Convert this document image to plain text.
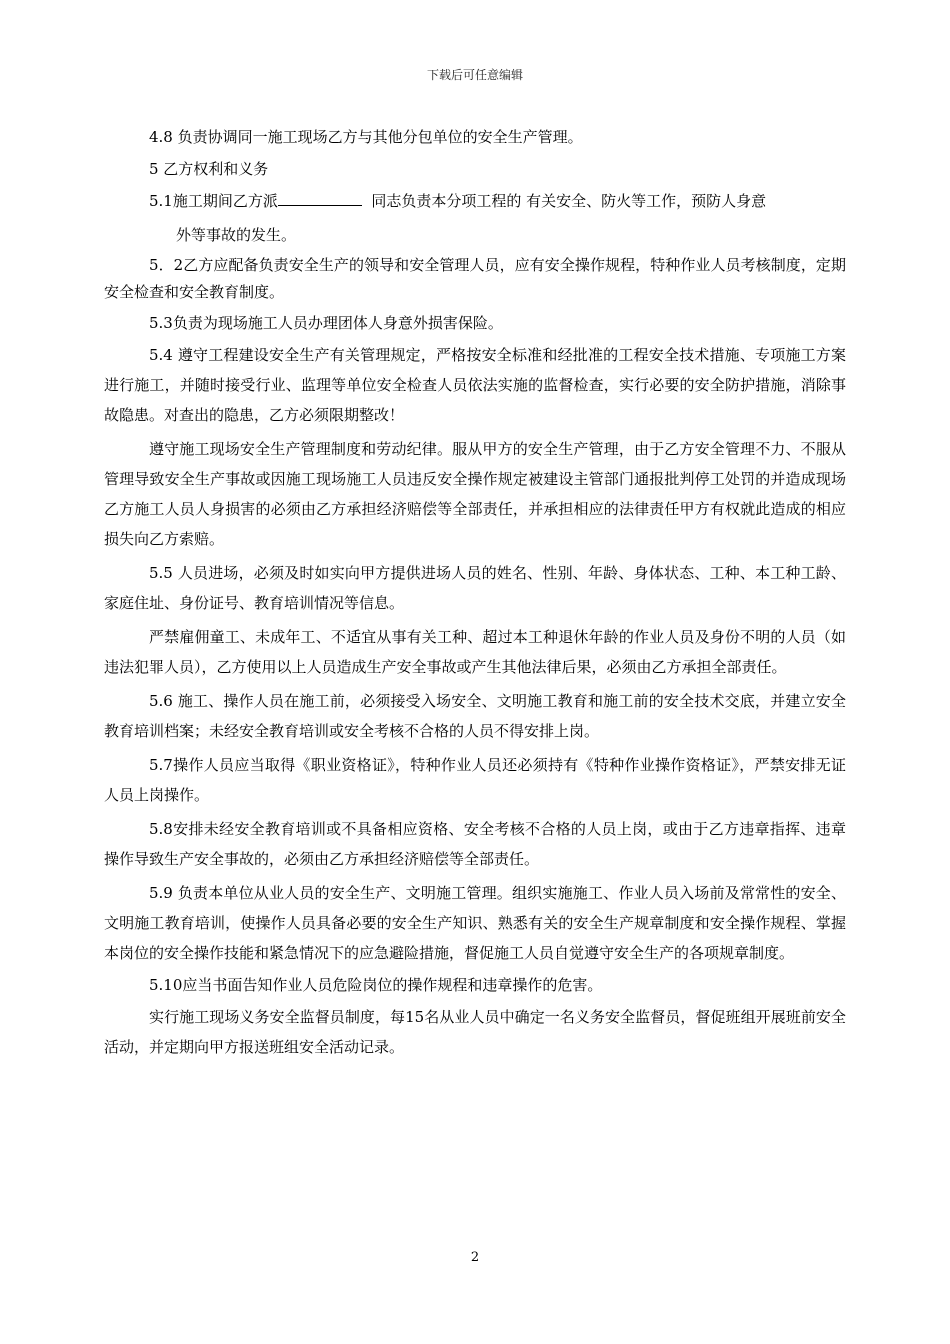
下载后可任意编辑

4.8 负责协调同一施工现场乙方与其他分包单位的安全生产管理。

5 乙方权利和义务

5.1施工期间乙方派	同志负责本分项工程的 有关安全、防火等工作，预防人身意

外等事故的发生。

5．2乙方应配备负责安全生产的领导和安全管理人员，应有安全操作规程，特种作业人员考核制度，定期安全检查和安全教育制度。

5.3负责为现场施工人员办理团体人身意外损害保险。

5.4 遵守工程建设安全生产有关管理规定，严格按安全标准和经批准的工程安全技术措施、专项施工方案进行施工，并随时接受行业、监理等单位安全检查人员依法实施的监督检查，实行必要的安全防护措施，消除事故隐患。对查出的隐患，乙方必须限期整改！

遵守施工现场安全生产管理制度和劳动纪律。服从甲方的安全生产管理，由于乙方安全管理不力、不服从管理导致安全生产事故或因施工现场施工人员违反安全操作规定被建设主管部门通报批判停工处罚的并造成现场乙方施工人员人身损害的必须由乙方承担经济赔偿等全部责任，并承担相应的法律责任甲方有权就此造成的相应损失向乙方索赔。

5.5 人员进场，必须及时如实向甲方提供进场人员的姓名、性别、年龄、身体状态、工种、本工种工龄、家庭住址、身份证号、教育培训情况等信息。

严禁雇佣童工、未成年工、不适宜从事有关工种、超过本工种退休年龄的作业人员及身份不明的人员（如违法犯罪人员），乙方使用以上人员造成生产安全事故或产生其他法律后果，必须由乙方承担全部责任。

5.6 施工、操作人员在施工前，必须接受入场安全、文明施工教育和施工前的安全技术交底，并建立安全教育培训档案；未经安全教育培训或安全考核不合格的人员不得安排上岗。

5.7操作人员应当取得《职业资格证》，特种作业人员还必须持有《特种作业操作资格证》，严禁安排无证人员上岗操作。

5.8安排未经安全教育培训或不具备相应资格、安全考核不合格的人员上岗，或由于乙方违章指挥、违章操作导致生产安全事故的，必须由乙方承担经济赔偿等全部责任。

5.9 负责本单位从业人员的安全生产、文明施工管理。组织实施施工、作业人员入场前及常常性的安全、文明施工教育培训，使操作人员具备必要的安全生产知识、熟悉有关的安全生产规章制度和安全操作规程、掌握本岗位的安全操作技能和紧急情况下的应急避险措施，督促施工人员自觉遵守安全生产的各项规章制度。

5.10应当书面告知作业人员危险岗位的操作规程和违章操作的危害。

实行施工现场义务安全监督员制度，每15名从业人员中确定一名义务安全监督员，督促班组开展班前安全活动，并定期向甲方报送班组安全活动记录。

2
